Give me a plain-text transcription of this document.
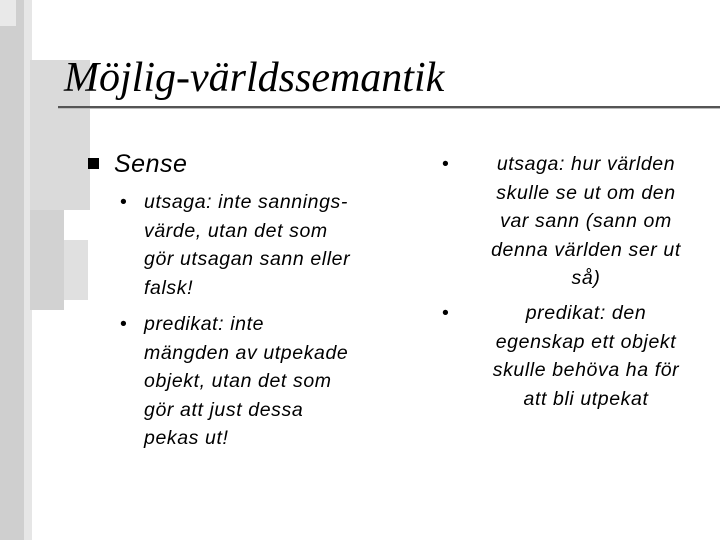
Möjlig-världssemantik
Sense
• utsaga: inte sannings-
värde, utan det som
gör utsagan sann eller
falsk!
• predikat: inte
mängden av utpekade
objekt, utan det som
gör att just dessa
pekas ut!
•	utsaga: hur världen
skulle se ut om den
var sann (sann om
denna världen ser ut
så)
•	predikat: den
egenskap ett objekt
skulle behöva ha för
att bli utpekat
